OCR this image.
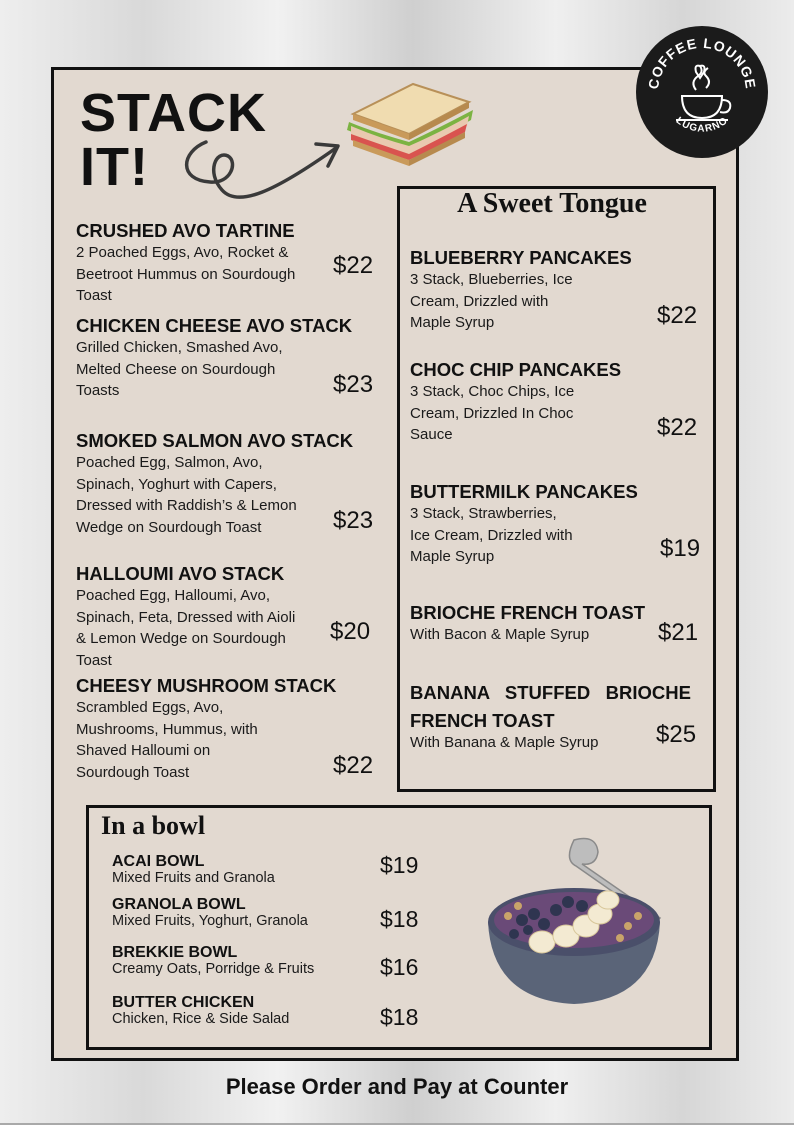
STACK
IT!
COFFEE LOUNGE
LUGARNO
CRUSHED AVO TARTINE

2 Poached Eggs, Avo, Rocket &
Beetroot Hummus on Sourdough
Toast

$22
CHICKEN CHEESE AVO STACK

Grilled Chicken, Smashed Avo,
Melted Cheese on Sourdough
Toasts	$23
SMOKED SALMON AVO STACK

Poached Egg, Salmon, Avo,
Spinach, Yoghurt with Capers,
Dressed with Raddish’s & Lemon
Wedge on Sourdough Toast	$23
HALLOUMI AVO STACK

Poached Egg, Halloumi, Avo,
Spinach, Feta, Dressed with Aioli
& Lemon Wedge on Sourdough
Toast

$20
CHEESY MUSHROOM STACK

Scrambled Eggs, Avo,
Mushrooms, Hummus, with
Shaved Halloumi on
Sourdough Toast	$22
A Sweet Tongue
BLUEBERRY PANCAKES

3 Stack, Blueberries, Ice
Cream, Drizzled with
Maple Syrup	$22
CHOC CHIP PANCAKES

3 Stack, Choc Chips, Ice
Cream, Drizzled In Choc
Sauce	$22
BUTTERMILK PANCAKES

3 Stack, Strawberries,
Ice Cream, Drizzled with
Maple Syrup	$19
BRIOCHE FRENCH TOAST

With Bacon & Maple Syrup	$21
BANANA   STUFFED   BRIOCHE
FRENCH TOAST

With Banana & Maple Syrup	$25
In a bowl
ACAI BOWL

Mixed Fruits and Granola	$19
GRANOLA BOWL

Mixed Fruits, Yoghurt, Granola	$18
BREKKIE BOWL

Creamy Oats, Porridge & Fruits	$16
BUTTER CHICKEN

Chicken, Rice & Side Salad	$18

Please Order and Pay at Counter
